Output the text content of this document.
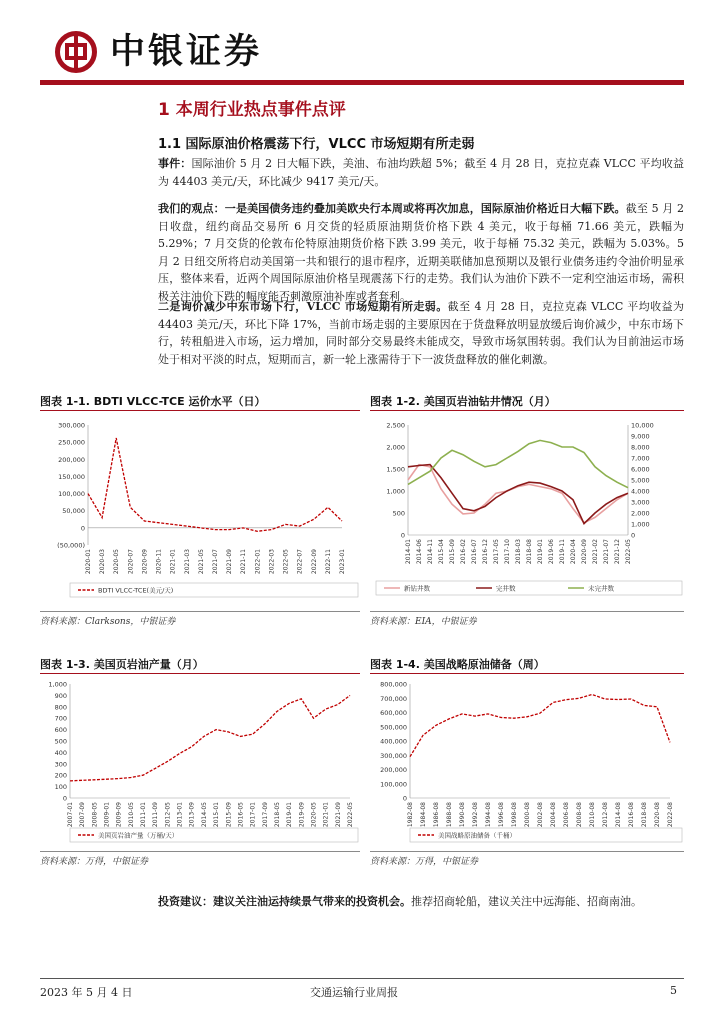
中银证券
1 本周行业热点事件点评
1.1 国际原油价格震荡下行，VLCC 市场短期有所走弱
事件：国际油价 5 月 2 日大幅下跌，美油、布油均跌超 5%；截至 4 月 28 日，克拉克森 VLCC 平均收益为 44403 美元/天，环比减少 9417 美元/天。
我们的观点：一是美国债务违约叠加美欧央行本周或将再次加息，国际原油价格近日大幅下跌。截至 5 月 2 日收盘，纽约商品交易所 6 月交货的轻质原油期货价格下跌 4 美元，收于每桶 71.66 美元，跌幅为 5.29%；7 月交货的伦敦布伦特原油期货价格下跌 3.99 美元，收于每桶 75.32 美元，跌幅为 5.03%。5 月 2 日纽交所将启动美国第一共和银行的退市程序，近期美联储加息预期以及银行业债务违约令油价明显承压，整体来看，近两个周国际原油价格呈现震荡下行的走势。我们认为油价下跌不一定利空油运市场，需积极关注油价下跌的幅度能否刺激原油补库或者套利。
二是询价减少中东市场下行，VLCC 市场短期有所走弱。截至 4 月 28 日，克拉克森 VLCC 平均收益为 44403 美元/天，环比下降 17%，当前市场走弱的主要原因在于货盘释放明显放缓后询价减少，中东市场下行，转租船进入市场，运力增加，同时部分交易最终未能成交，导致市场氛围转弱。我们认为目前油运市场处于相对平淡的时点，短期而言，新一轮上涨需待于下一波货盘释放的催化刺激。
图表 1-1. BDTI VLCC-TCE 运价水平（日）
300,000
250,000
200,000
150,000
100,000
50,000
0
(50,000)
2020-01 2020-03 2020-05 2020-07 2020-09 2020-11 2021-01 2021-03 2021-05 2021-07 2021-09 2021-11 2022-01 2022-03 2022-05 2022-07 2022-09 2022-11 2023-01
BDTI VLCC-TCE(美元/天)
资料来源：Clarksons，中银证券
图表 1-2. 美国页岩油钻井情况（月）
2,500
2,000
1,500
1,000
500
0
10,000
9,000
8,000
7,000
6,000
5,000
4,000
3,000
2,000
1,000
0
2014-01 2014-06 2014-11 2015-04 2015-09 2016-02 2016-07 2016-12 2017-05 2017-10 2018-03 2018-08 2019-01 2019-06 2019-11 2020-04 2020-09 2021-02 2021-07 2021-12 2022-05
新钻井数	完井数	未完井数
资料来源：EIA，中银证券
图表 1-3. 美国页岩油产量（月）
1,000
900
800
700
600
500
400
300
200
100
0
2007-01 2007-09 2008-05 2009-01 2009-09 2010-05 2011-01 2011-09 2012-05 2013-01 2013-09 2014-05 2015-01 2015-09 2016-05 2017-01 2017-09 2018-05 2019-01 2019-09 2020-05 2021-01 2021-09 2022-05
美国页岩油产量（万桶/天）
资料来源：万得，中银证券
图表 1-4. 美国战略原油储备（周）
800,000
700,000
600,000
500,000
400,000
300,000
200,000
100,000
0
1982-08 1984-08 1986-08 1988-08 1990-08 1992-08 1994-08 1996-08 1998-08 2000-08 2002-08 2004-08 2006-08 2008-08 2010-08 2012-08 2014-08 2016-08 2018-08 2020-08 2022-08
美国战略原油储备（千桶）
资料来源：万得，中银证券
投资建议：建议关注油运持续景气带来的投资机会。推荐招商轮船，建议关注中远海能、招商南油。
2023 年 5 月 4 日	交通运输行业周报	5
